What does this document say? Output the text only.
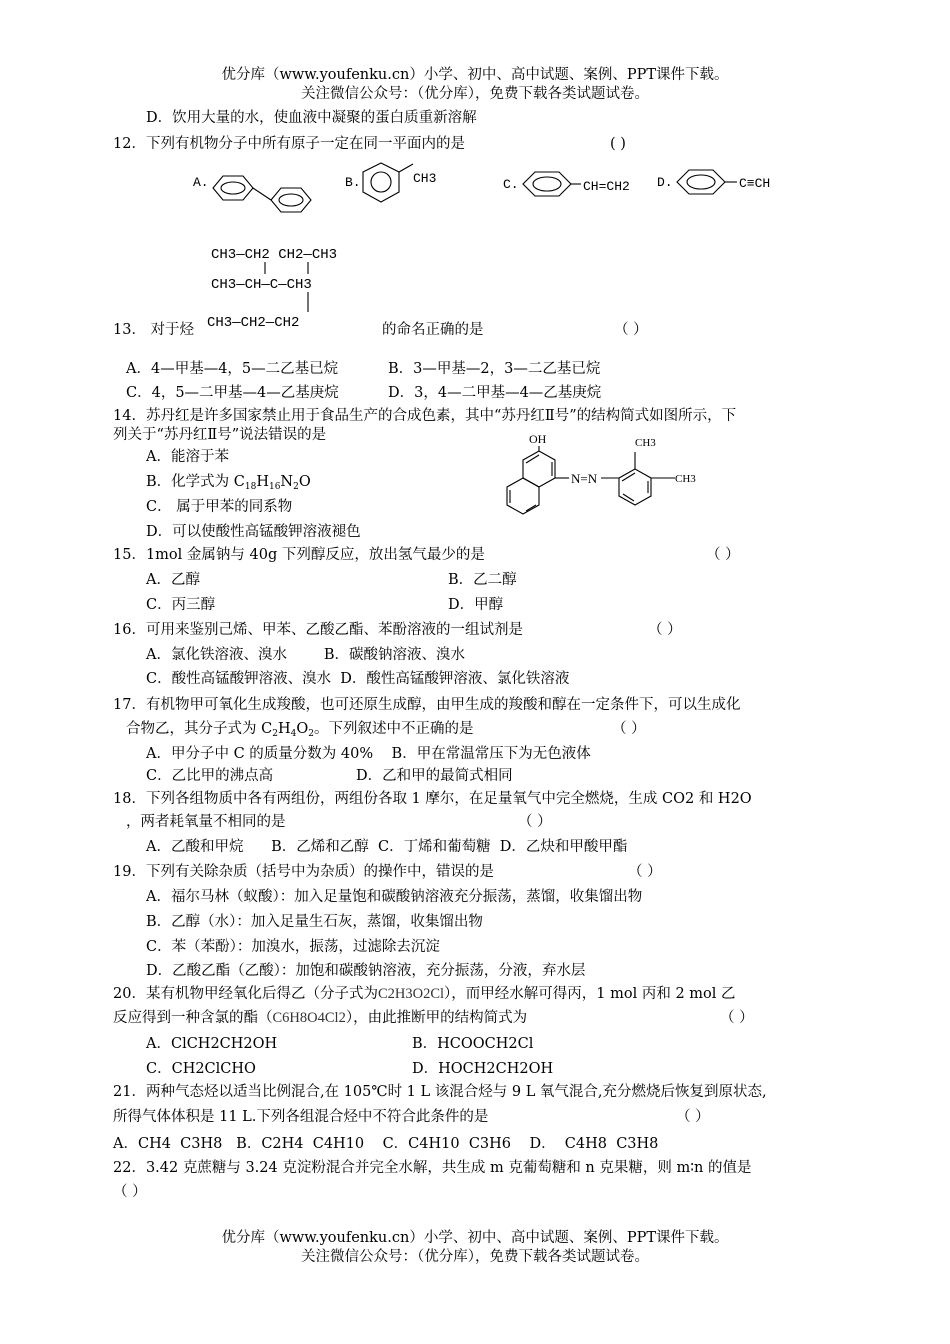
优分库（www.youfenku.cn）小学、初中、高中试题、案例、PPT课件下载。
关注微信公众号：（优分库），免费下载各类试题试卷。
D．饮用大量的水，使血液中凝聚的蛋白质重新溶解
12．下列有机物分子中所有原子一定在同一平面内的是	( )
A.	B.	CH3	C.	CH=CH2 D.	C≡CH
CH3—CH2 CH2—CH3
CH3—CH—C—CH3
CH3—CH2—CH2
13． 对于烃	的命名正确的是	（ ）
A．4—甲基—4，5—二乙基已烷	B．3—甲基—2，3—二乙基已烷
C．4，5—二甲基—4—乙基庚烷	D．3，4—二甲基—4—乙基庚烷
14．苏丹红是许多国家禁止用于食品生产的合成色素，其中“苏丹红Ⅱ号”的结构简式如图所示，下
列关于“苏丹红Ⅱ号”说法错误的是
A．能溶于苯
B．化学式为 $C_{18}H_{16}N_2O$
C． 属于甲苯的同系物
D．可以使酸性高锰酸钾溶液褪色
OH
N=N
CH3
CH3
15．1mol 金属钠与 40g 下列醇反应，放出氢气最少的是	（ ）
A．乙醇	B．乙二醇
C．丙三醇	D．甲醇
16．可用来鉴别己烯、甲苯、乙酸乙酯、苯酚溶液的一组试剂是	（ ）
A．氯化铁溶液、溴水        B．碳酸钠溶液、溴水
C．酸性高锰酸钾溶液、溴水  D．酸性高锰酸钾溶液、氯化铁溶液
17．有机物甲可氧化生成羧酸，也可还原生成醇，由甲生成的羧酸和醇在一定条件下，可以生成化
合物乙，其分子式为 $C_2H_4O_2$。下列叙述中不正确的是	（ ）
A．甲分子中 C 的质量分数为 40%    B．甲在常温常压下为无色液体
C．乙比甲的沸点高                  D．乙和甲的最简式相同
18．下列各组物质中各有两组份，两组份各取 1 摩尔，在足量氧气中完全燃烧，生成 CO2 和 H2O
，两者耗氧量不相同的是	（ ）
A．乙酸和甲烷      B．乙烯和乙醇  C．丁烯和葡萄糖  D．乙炔和甲酸甲酯
19．下列有关除杂质（括号中为杂质）的操作中，错误的是	（ ）
A．福尔马林（蚁酸）：加入足量饱和碳酸钠溶液充分振荡，蒸馏，收集馏出物
B．乙醇（水）：加入足量生石灰，蒸馏，收集馏出物
C．苯（苯酚）：加溴水，振荡，过滤除去沉淀
D．乙酸乙酯（乙酸）：加饱和碳酸钠溶液，充分振荡，分液，弃水层
20．某有机物甲经氧化后得乙（分子式为C2H3O2Cl），而甲经水解可得丙，1 mol 丙和 2 mol 乙
反应得到一种含氯的酯（C6H8O4Cl2），由此推断甲的结构简式为	（ ）
A．ClCH2CH2OH	B．HCOOCH2Cl
C．CH2ClCHO	D．HOCH2CH2OH
21．两种气态烃以适当比例混合,在 105℃时 1 L 该混合烃与 9 L 氧气混合,充分燃烧后恢复到原状态,
所得气体体积是 11 L.下列各组混合烃中不符合此条件的是	（ ）
A．CH4  C3H8   B．C2H4  C4H10    C．C4H10  C3H6    D．  C4H8  C3H8
22．3.42 克蔗糖与 3.24 克淀粉混合并完全水解，共生成 m 克葡萄糖和 n 克果糖，则 m∶n 的值是
（ ）
优分库（www.youfenku.cn）小学、初中、高中试题、案例、PPT课件下载。
关注微信公众号：（优分库），免费下载各类试题试卷。
